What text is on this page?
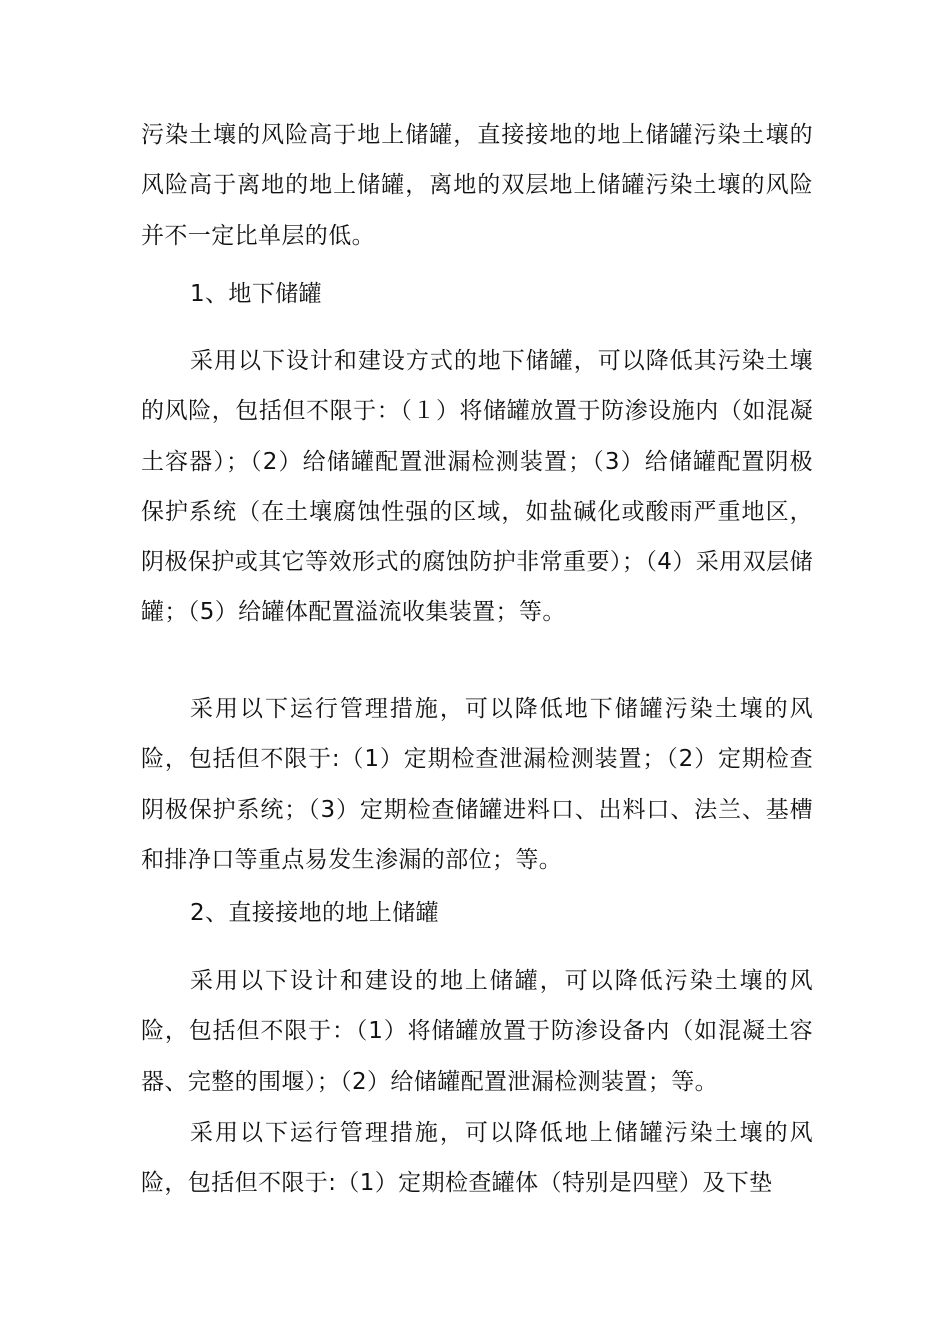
污染土壤的风险高于地上储罐，直接接地的地上储罐污染土壤的风险高于离地的地上储罐，离地的双层地上储罐污染土壤的风险并不一定比单层的低。

1、地下储罐

采用以下设计和建设方式的地下储罐，可以降低其污染土壤的风险，包括但不限于：（１）将储罐放置于防渗设施内（如混凝土容器）；（2）给储罐配置泄漏检测装置；（3）给储罐配置阴极保护系统（在土壤腐蚀性强的区域，如盐碱化或酸雨严重地区，阴极保护或其它等效形式的腐蚀防护非常重要）；（4）采用双层储罐；（5）给罐体配置溢流收集装置；等。

采用以下运行管理措施，可以降低地下储罐污染土壤的风险，包括但不限于:（1）定期检查泄漏检测装置；（2）定期检查阴极保护系统；（3）定期检查储罐进料口、出料口、法兰、基槽和排净口等重点易发生渗漏的部位；等。

2、直接接地的地上储罐

采用以下设计和建设的地上储罐，可以降低污染土壤的风险，包括但不限于：（1）将储罐放置于防渗设备内（如混凝土容器、完整的围堰）；（2）给储罐配置泄漏检测装置；等。

采用以下运行管理措施，可以降低地上储罐污染土壤的风险，包括但不限于:（1）定期检查罐体（特别是四壁）及下垫
